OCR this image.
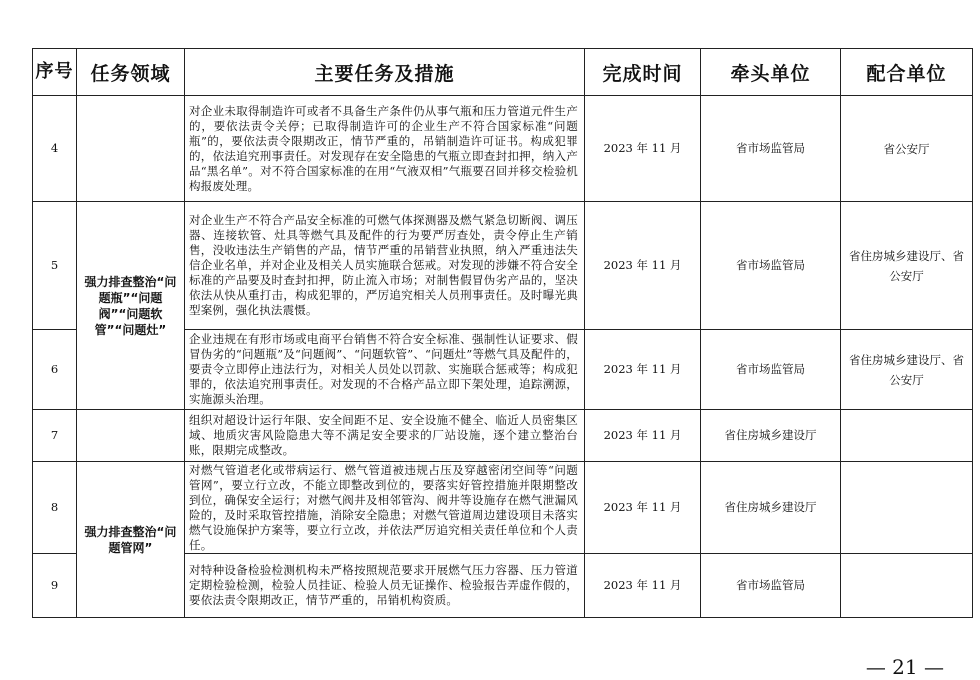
序号	任务领域	主要任务及措施	完成时间	牵头单位	配合单位
4		对企业未取得制造许可或者不具备生产条件仍从事气瓶和压力管道元件生产的，要依法责令关停；已取得制造许可的企业生产不符合国家标准“问题瓶”的，要依法责令限期改正，情节严重的，吊销制造许可证书。构成犯罪的，依法追究刑事责任。对发现存在安全隐患的气瓶立即查封扣押，纳入产品“黑名单”。对不符合国家标准的在用“气液双相”气瓶要召回并移交检验机构报废处理。	2023 年 11 月	省市场监管局	省公安厅
5	强力排查整治“问题瓶”“问题阀”“问题软管”“问题灶”	对企业生产不符合产品安全标准的可燃气体探测器及燃气紧急切断阀、调压器、连接软管、灶具等燃气具及配件的行为要严厉查处，责令停止生产销售，没收违法生产销售的产品，情节严重的吊销营业执照，纳入严重违法失信企业名单，并对企业及相关人员实施联合惩戒。对发现的涉嫌不符合安全标准的产品要及时查封扣押，防止流入市场；对制售假冒伪劣产品的，坚决依法从快从重打击，构成犯罪的，严厉追究相关人员刑事责任。及时曝光典型案例，强化执法震慑。	2023 年 11 月	省市场监管局	省住房城乡建设厅、省公安厅
6		企业违规在有形市场或电商平台销售不符合安全标准、强制性认证要求、假冒伪劣的“问题瓶”及“问题阀”、“问题软管”、“问题灶”等燃气具及配件的，要责令立即停止违法行为，对相关人员处以罚款、实施联合惩戒等；构成犯罪的，依法追究刑事责任。对发现的不合格产品立即下架处理，追踪溯源，实施源头治理。	2023 年 11 月	省市场监管局	省住房城乡建设厅、省公安厅
7		组织对超设计运行年限、安全间距不足、安全设施不健全、临近人员密集区域、地质灾害风险隐患大等不满足安全要求的厂站设施，逐个建立整治台账，限期完成整改。	2023 年 11 月	省住房城乡建设厅	
8	强力排查整治“问题管网”	对燃气管道老化或带病运行、燃气管道被违规占压及穿越密闭空间等“问题管网”，要立行立改，不能立即整改到位的，要落实好管控措施并限期整改到位，确保安全运行；对燃气阀井及相邻管沟、阀井等设施存在燃气泄漏风险的，及时采取管控措施，消除安全隐患；对燃气管道周边建设项目未落实燃气设施保护方案等，要立行立改，并依法严厉追究相关责任单位和个人责任。	2023 年 11 月	省住房城乡建设厅	
9		对特种设备检验检测机构未严格按照规范要求开展燃气压力容器、压力管道定期检验检测，检验人员挂证、检验人员无证操作、检验报告弄虚作假的，要依法责令限期改正，情节严重的，吊销机构资质。	2023 年 11 月	省市场监管局	
— 21 —
